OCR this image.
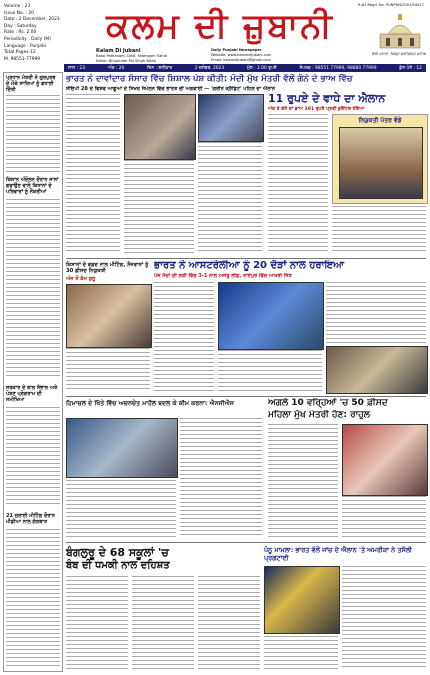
Volume : 23
Issue No. : 20
Date : 2 December, 2023
Day : Saturday
Rate : Rs. 2.00
Periodicity : Daily (M)
Language : Punjabi
Total Pages-12
M. 98551-77999
R.N.I Regd. No. PUNPUN/2001/04517
ਕਲਮ ਦੀ ਜ਼ੁਬਾਨੀ
Kalam Di Jubani
Bassi Pathanam, Distt. Fatehgarh Sahib
Editor: Bhupinder Pal Singh Walia
Daily Punjabi Newspaper
Website: www.kalamdijubani.com
Email: kalamdijubani@gmail.com
ਬੱਸੀ ਪਠਾਣਾਂ, ਜ਼ਿਲ੍ਹਾ ਫਤਹਿਗੜ੍ਹ ਸਾਹਿਬ
ਸਾਲ : 23	ਅੰਕ : 20	ਦਿਨ : ਸ਼ਨੀਵਾਰ	2 ਦਸੰਬਰ, 2023	ਮੁੱਲ : 2.00 ਰੁਪਏ	ਸੰਪਰਕ : 98551 77999, 98880 77999	ਕੁੱਲ ਪੰਨੇ : 12
ਪ੍ਰਧਾਨ ਮੰਤਰੀ ਨੇ ਗੁਰਪੁਰਬ ਦੇ ਮੌਕੇ ਸਾਰਿਆਂ ਨੂੰ ਵਧਾਈ ਦਿੱਤੀ
ਕਿਸਾਨ ਅੰਦੋਲਨ ਦੌਰਾਨ ਜਾਨਾਂ ਗਵਾਉਣ ਵਾਲੇ ਕਿਸਾਨਾਂ ਦੇ ਪਰਿਵਾਰਾਂ ਨੂੰ ਨੌਕਰੀਆਂ
ਸਰਕਾਰ ਦੇ ਬਾਲ ਸੰਭਾਲ ਅਤੇ ਪੋਸ਼ਣ ਪ੍ਰੋਗਰਾਮ ਦੀ ਸਮੀਖਿਆ
21 ਜੁਲਾਈ ਮੀਟਿੰਗ ਦੌਰਾਨ ਮੀਡੀਆ ਨਾਲ ਗੱਲਬਾਤ
ਭਾਰਤ ਨੇ ਦਾਵਾਂਦਾਰ ਸੰਸਾਰ ਵਿੱਚ ਸ਼ਿਸ਼ਾਲ ਪੇਸ਼ ਕੀਤੀ: ਮੋਦੀ ਮੁੱਖ ਮੰਤਰੀ ਵੱਲੋਂ ਗੰਨੇ ਦੇ ਭਾਅ ਵਿੱਚ
ਸੀਓਪੀ 28 ਦੇ ਵਿਸ਼ਵ ਆਗੂਆਂ ਦੇ ਸਿਖਰ ਸੰਮੇਲਨ ਵਿੱਚ ਭਾਰਤ ਦੀ ਅਗਵਾਈ — 'ਗਰੀਨ ਕ੍ਰੈਡਿਟ' ਪਹਿਲ ਦਾ ਐਲਾਨ
11 ਰੁਪਏ ਦੇ ਵਾਧੇ ਦਾ ਐਲਾਨ
ਅੰਕ ਤੇ ਗੰਨੇ ਦਾ ਭਾਅ 391 ਰੁਪਏ ਪ੍ਰਤੀ ਕੁਇੰਟਲ ਹੋਇਆ
ਨਿਯੁਕਤੀ ਪੱਤਰ ਵੰਡੇ
ਕਿਸਾਨਾਂ ਦੇ ਵਫ਼ਦ ਨਾਲ ਮੀਟਿੰਗ, ਨੌਜਵਾਨਾਂ ਨੂੰ 30 ਫ਼ੀਸਦ ਨਿਯੁਕਤੀ
ਅੱਜ ਤੋਂ ਕੰਮ ਸ਼ੁਰੂ
ਭਾਰਤ ਨੇ ਆਸਟਰੇਲੀਆ ਨੂੰ 20 ਦੌੜਾਂ ਨਾਲ ਹਰਾਇਆ
ਪੰਜ ਮੈਚਾਂ ਦੀ ਲੜੀ ਵਿੱਚ 3-1 ਨਾਲ ਅਜੇਤੂ ਲੀਡ, ਰਾਏਪੁਰ ਵਿੱਚ ਆਖਰੀ ਜਿੱਤ
ਹਿਮਾਚਲ ਦੇ ਖਿੱਤੇ ਵਿੱਚ ਅਚਨਚੇਤ ਮਾਹੌਲ ਬਦਲ ਕੇ ਕੀਮ ਕਰਨਾ: ਐਨਜੀਐਸ	ਅਗਲੇ 10 ਵਰ੍ਹਿਆਂ 'ਚ 50 ਫ਼ੀਸਦ
ਮਹਿਲਾ ਮੁੱਖ ਮੰਤਰੀ ਹੋਣ: ਰਾਹੁਲ
ਬੰਗਲੁਰੂ ਦੇ 68 ਸਕੂਲਾਂ 'ਚ
ਬੰਬ ਦੀ ਧਮਕੀ ਨਾਲ ਦਹਿਸ਼ਤ
ਪੰਨੂ ਮਾਮਲਾ: ਭਾਰਤ ਵੱਲੋਂ ਜਾਂਚ ਦੇ ਐਲਾਨ 'ਤੇ ਅਮਰੀਕਾ ਨੇ ਤਸੱਲੀ ਪ੍ਰਗਟਾਈ
